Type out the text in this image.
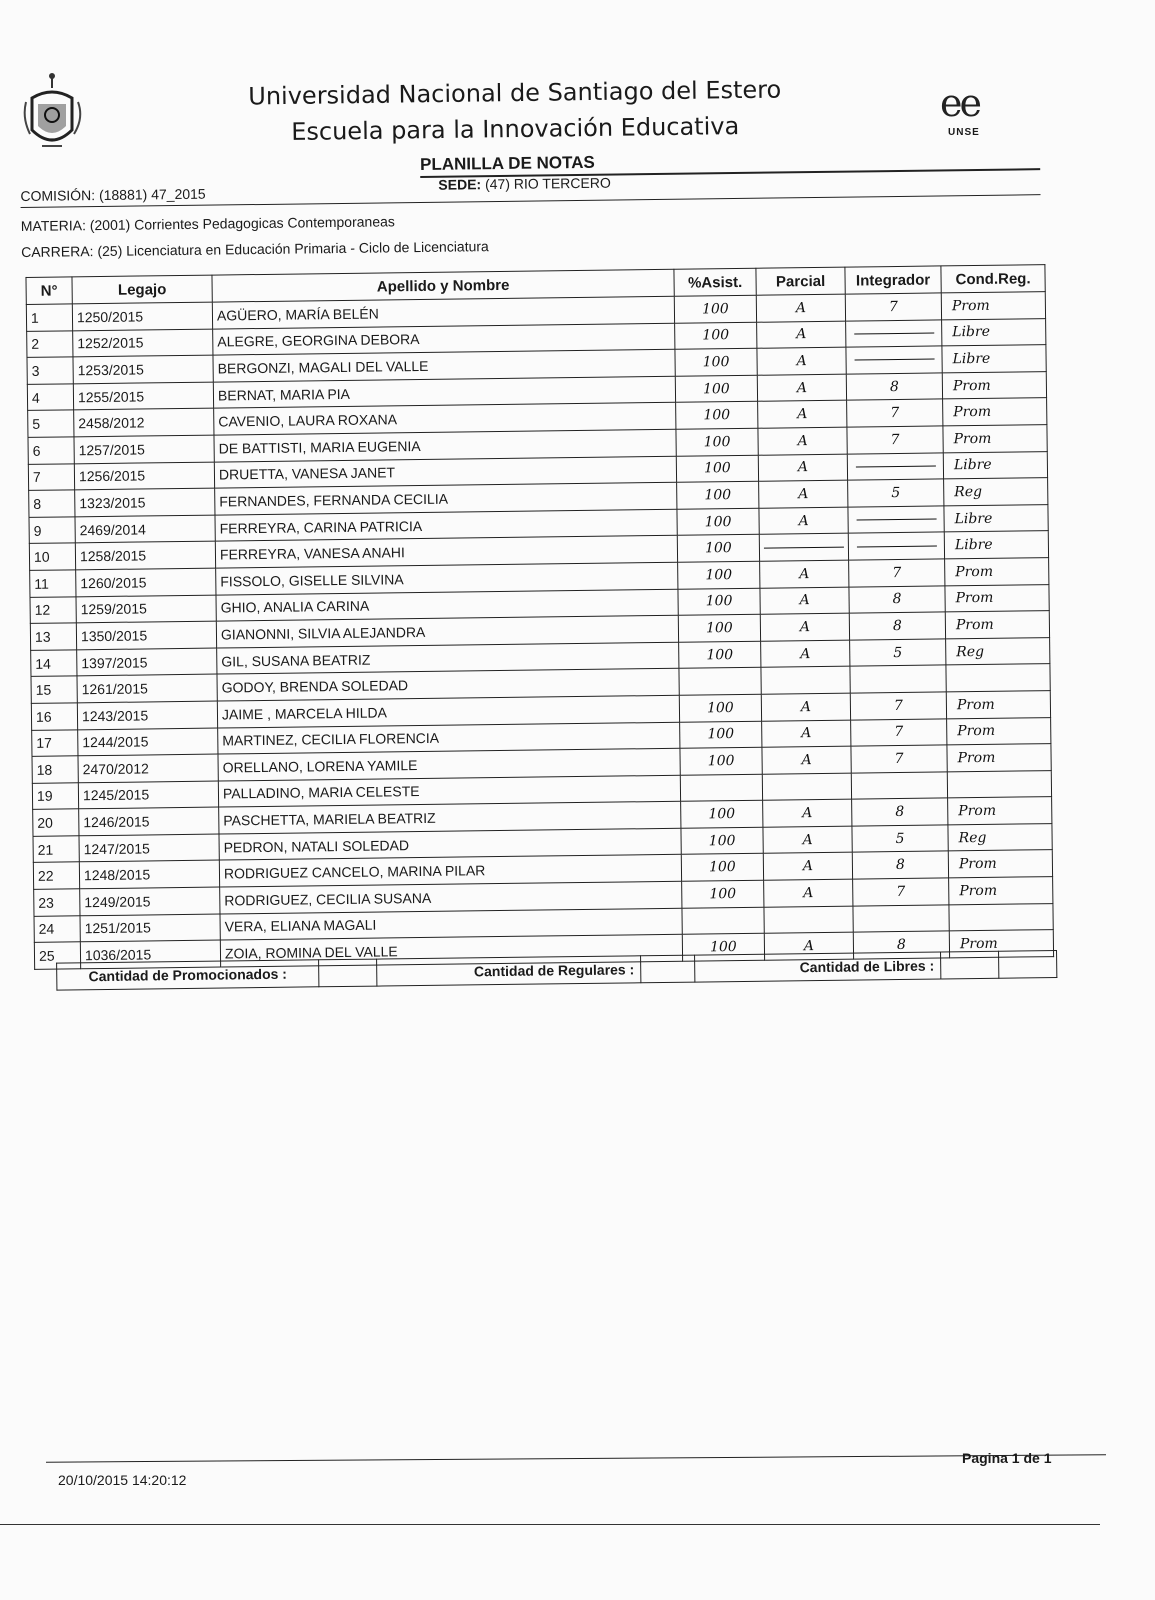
ee
UNSE
Universidad Nacional de Santiago del Estero
Escuela para la Innovación Educativa
PLANILLA DE NOTAS
COMISIÓN: (18881) 47_2015
SEDE: (47) RIO TERCERO
MATERIA: (2001) Corrientes Pedagogicas Contemporaneas
CARRERA: (25) Licenciatura en Educación Primaria - Ciclo de Licenciatura
N°	Legajo	Apellido y Nombre	%Asist.	Parcial	Integrador	Cond.Reg.
1	1250/2015	AGÜERO, MARÍA BELÉN	100	A	7	Prom
2	1252/2015	ALEGRE, GEORGINA DEBORA	100	A		Libre
3	1253/2015	BERGONZI, MAGALI DEL VALLE	100	A		Libre
4	1255/2015	BERNAT, MARIA PIA	100	A	8	Prom
5	2458/2012	CAVENIO, LAURA ROXANA	100	A	7	Prom
6	1257/2015	DE BATTISTI, MARIA EUGENIA	100	A	7	Prom
7	1256/2015	DRUETTA, VANESA JANET	100	A		Libre
8	1323/2015	FERNANDES, FERNANDA CECILIA	100	A	5	Reg
9	2469/2014	FERREYRA, CARINA PATRICIA	100	A		Libre
10	1258/2015	FERREYRA, VANESA ANAHI	100			Libre
11	1260/2015	FISSOLO, GISELLE SILVINA	100	A	7	Prom
12	1259/2015	GHIO, ANALIA CARINA	100	A	8	Prom
13	1350/2015	GIANONNI, SILVIA ALEJANDRA	100	A	8	Prom
14	1397/2015	GIL, SUSANA BEATRIZ	100	A	5	Reg
15	1261/2015	GODOY, BRENDA SOLEDAD				
16	1243/2015	JAIME , MARCELA HILDA	100	A	7	Prom
17	1244/2015	MARTINEZ, CECILIA FLORENCIA	100	A	7	Prom
18	2470/2012	ORELLANO, LORENA YAMILE	100	A	7	Prom
19	1245/2015	PALLADINO, MARIA CELESTE				
20	1246/2015	PASCHETTA, MARIELA BEATRIZ	100	A	8	Prom
21	1247/2015	PEDRON, NATALI SOLEDAD	100	A	5	Reg
22	1248/2015	RODRIGUEZ CANCELO, MARINA PILAR	100	A	8	Prom
23	1249/2015	RODRIGUEZ, CECILIA SUSANA	100	A	7	Prom
24	1251/2015	VERA, ELIANA MAGALI				
25	1036/2015	ZOIA, ROMINA DEL VALLE	100	A	8	Prom
Cantidad de Promocionados :		Cantidad de Regulares :		Cantidad de Libres :		
Pagina 1 de 1
20/10/2015 14:20:12
